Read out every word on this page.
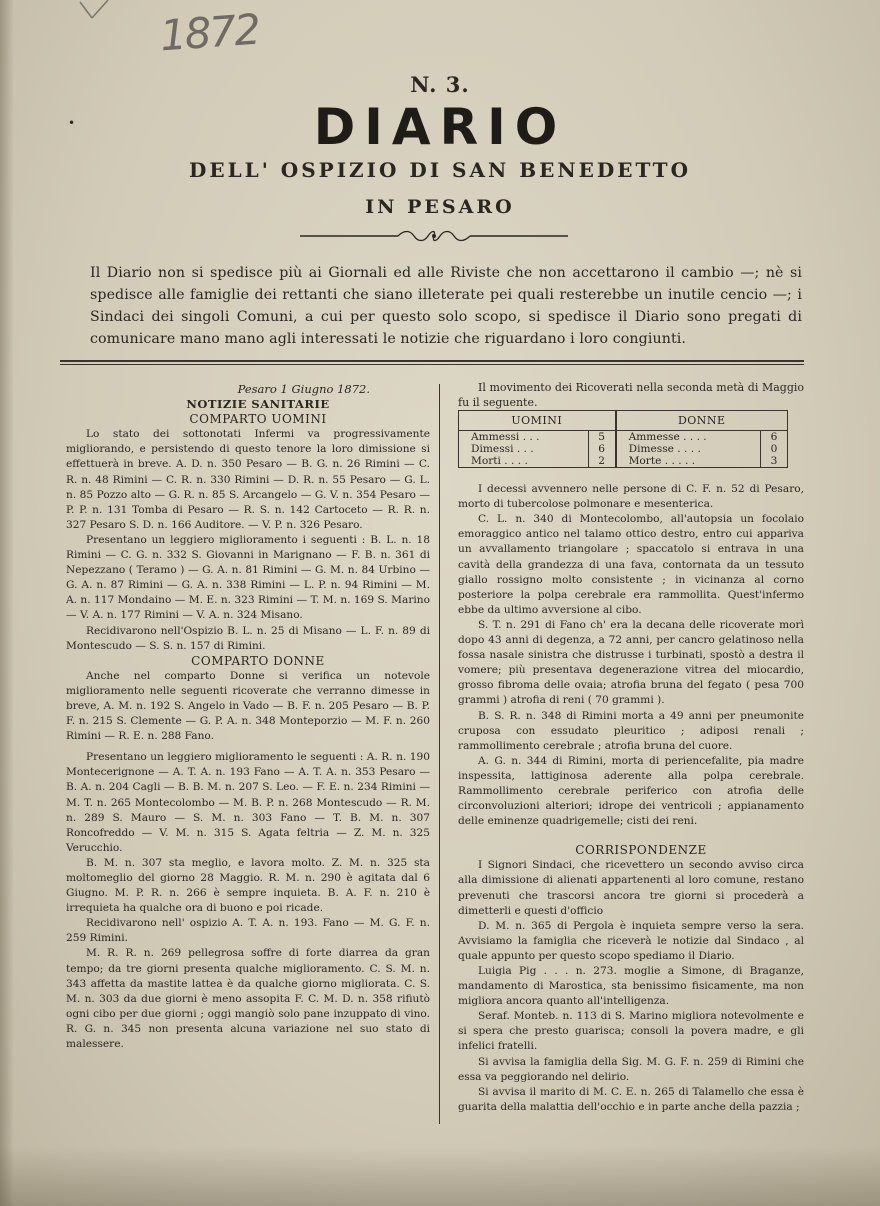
1872
N. 3.
•	DIARIO
DELL' OSPIZIO DI SAN BENEDETTO
IN PESARO
Il Diario non si spedisce più ai Giornali ed alle Riviste che non accettarono il cambio —; nè si spedisce alle famiglie dei rettanti che siano illeterate pei quali resterebbe un inutile cencio —; i Sindaci dei singoli Comuni, a cui per questo solo scopo, si spedisce il Diario sono pregati di comunicare mano mano agli interessati le notizie che riguardano i loro congiunti.

Pesaro 1 Giugno 1872.

NOTIZIE SANITARIE

COMPARTO UOMINI

Lo stato dei sottonotati Infermi va progressivamente migliorando, e persistendo di questo tenore la loro dimissione si effettuerà in breve. A. D. n. 350 Pesaro — B. G. n. 26 Rimini — C. R. n. 48 Rimini — C. R. n. 330 Rimini — D. R. n. 55 Pesaro — G. L. n. 85 Pozzo alto — G. R. n. 85 S. Arcangelo — G. V. n. 354 Pesaro — P. P. n. 131 Tomba di Pesaro — R. S. n. 142 Cartoceto — R. R. n. 327 Pesaro S. D. n. 166 Auditore. — V. P. n. 326 Pesaro.

Presentano un leggiero miglioramento i seguenti : B. L. n. 18 Rimini — C. G. n. 332 S. Giovanni in Marignano — F. B. n. 361 di Nepezzano ( Teramo ) — G. A. n. 81 Rimini — G. M. n. 84 Urbino — G. A. n. 87 Rimini — G. A. n. 338 Rimini — L. P. n. 94 Rimini — M. A. n. 117 Mondaino — M. E. n. 323 Rimini — T. M. n. 169 S. Marino — V. A. n. 177 Rimini — V. A. n. 324 Misano.

Recidivarono nell'Ospizio B. L. n. 25 di Misano — L. F. n. 89 di Montescudo — S. S. n. 157 di Rimini.

COMPARTO DONNE

Anche nel comparto Donne si verifica un notevole miglioramento nelle seguenti ricoverate che verranno dimesse in breve, A. M. n. 192 S. Angelo in Vado — B. F. n. 205 Pesaro — B. P. F. n. 215 S. Clemente — G. P. A. n. 348 Monteporzio — M. F. n. 260 Rimini — R. E. n. 288 Fano.

Presentano un leggiero miglioramento le seguenti : A. R. n. 190 Montecerignone — A. T. A. n. 193 Fano — A. T. A. n. 353 Pesaro — B. A. n. 204 Cagli — B. B. M. n. 207 S. Leo. — F. E. n. 234 Rimini — M. T. n. 265 Montecolombo — M. B. P. n. 268 Montescudo — R. M. n. 289 S. Mauro — S. M. n. 303 Fano — T. B. M. n. 307 Roncofreddo — V. M. n. 315 S. Agata feltria — Z. M. n. 325 Verucchio.

B. M. n. 307 sta meglio, e lavora molto. Z. M. n. 325 sta moltomeglio del giorno 28 Maggio. R. M. n. 290 è agitata dal 6 Giugno. M. P. R. n. 266 è sempre inquieta. B. A. F. n. 210 è irrequieta ha qualche ora di buono e poi ricade.

Recidivarono nell' ospizio A. T. A. n. 193. Fano — M. G. F. n. 259 Rimini.

M. R. R. n. 269 pellegrosa soffre di forte diarrea da gran tempo; da tre giorni presenta qualche miglioramento. C. S. M. n. 343 affetta da mastite lattea è da qualche giorno migliorata. C. S. M. n. 303 da due giorni è meno assopita F. C. M. D. n. 358 rifiutò ogni cibo per due giorni ; oggi mangiò solo pane inzuppato di vino. R. G. n. 345 non presenta alcuna variazione nel suo stato di malessere.

Il movimento dei Ricoverati nella seconda metà di Maggio fu il seguente.

UOMINI		DONNE	
Ammessi . . .	5	Ammesse . . . .	6
Dimessi . . .	6	Dimesse . . . .	0
Morti . . . .	2	Morte . . . . .	3

I decessi avvennero nelle persone di C. F. n. 52 di Pesaro, morto di tubercolose polmonare e mesenterica.

C. L. n. 340 di Montecolombo, all'autopsia un focolaio emoraggico antico nel talamo ottico destro, entro cui appariva un avvallamento triangolare ; spaccatolo si entrava in una cavità della grandezza di una fava, contornata da un tessuto giallo rossigno molto consistente ; in vicinanza al corno posteriore la polpa cerebrale era rammollita. Quest'infermo ebbe da ultimo avversione al cibo.

S. T. n. 291 di Fano ch' era la decana delle ricoverate morì dopo 43 anni di degenza, a 72 anni, per cancro gelatinoso nella fossa nasale sinistra che distrusse i turbinati, spostò a destra il vomere; più presentava degenerazione vitrea del miocardio, grosso fibroma delle ovaia; atrofia bruna del fegato ( pesa 700 grammi ) atrofia di reni ( 70 grammi ).

B. S. R. n. 348 di Rimini morta a 49 anni per pneumonite cruposa con essudato pleuritico ; adiposi renali ; rammollimento cerebrale ; atrofia bruna del cuore.

A. G. n. 344 di Rimini, morta di periencefalite, pia madre inspessita, lattiginosa aderente alla polpa cerebrale. Rammollimento cerebrale periferico con atrofia delle circonvoluzioni alteriori; idrope dei ventricoli ; appianamento delle eminenze quadrigemelle; cisti dei reni.

CORRISPONDENZE

I Signori Sindaci, che ricevettero un secondo avviso circa alla dimissione di alienati appartenenti al loro comune, restano prevenuti che trascorsi ancora tre giorni si procederà a dimetterli e questi d'officio

D. M. n. 365 di Pergola è inquieta sempre verso la sera. Avvisiamo la famiglia che riceverà le notizie dal Sindaco , al quale appunto per questo scopo spediamo il Diario.

Luigia Pig . . . n. 273. moglie a Simone, di Braganze, mandamento di Marostica, sta benissimo fisicamente, ma non migliora ancora quanto all'intelligenza.

Seraf. Monteb. n. 113 di S. Marino migliora notevolmente e si spera che presto guarisca; consoli la povera madre, e gli infelici fratelli.

Si avvisa la famiglia della Sig. M. G. F. n. 259 di Rimini che essa va peggiorando nel delirio.

Si avvisa il marito di M. C. E. n. 265 di Talamello che essa è guarita della malattia dell'occhio e in parte anche della pazzia ;
